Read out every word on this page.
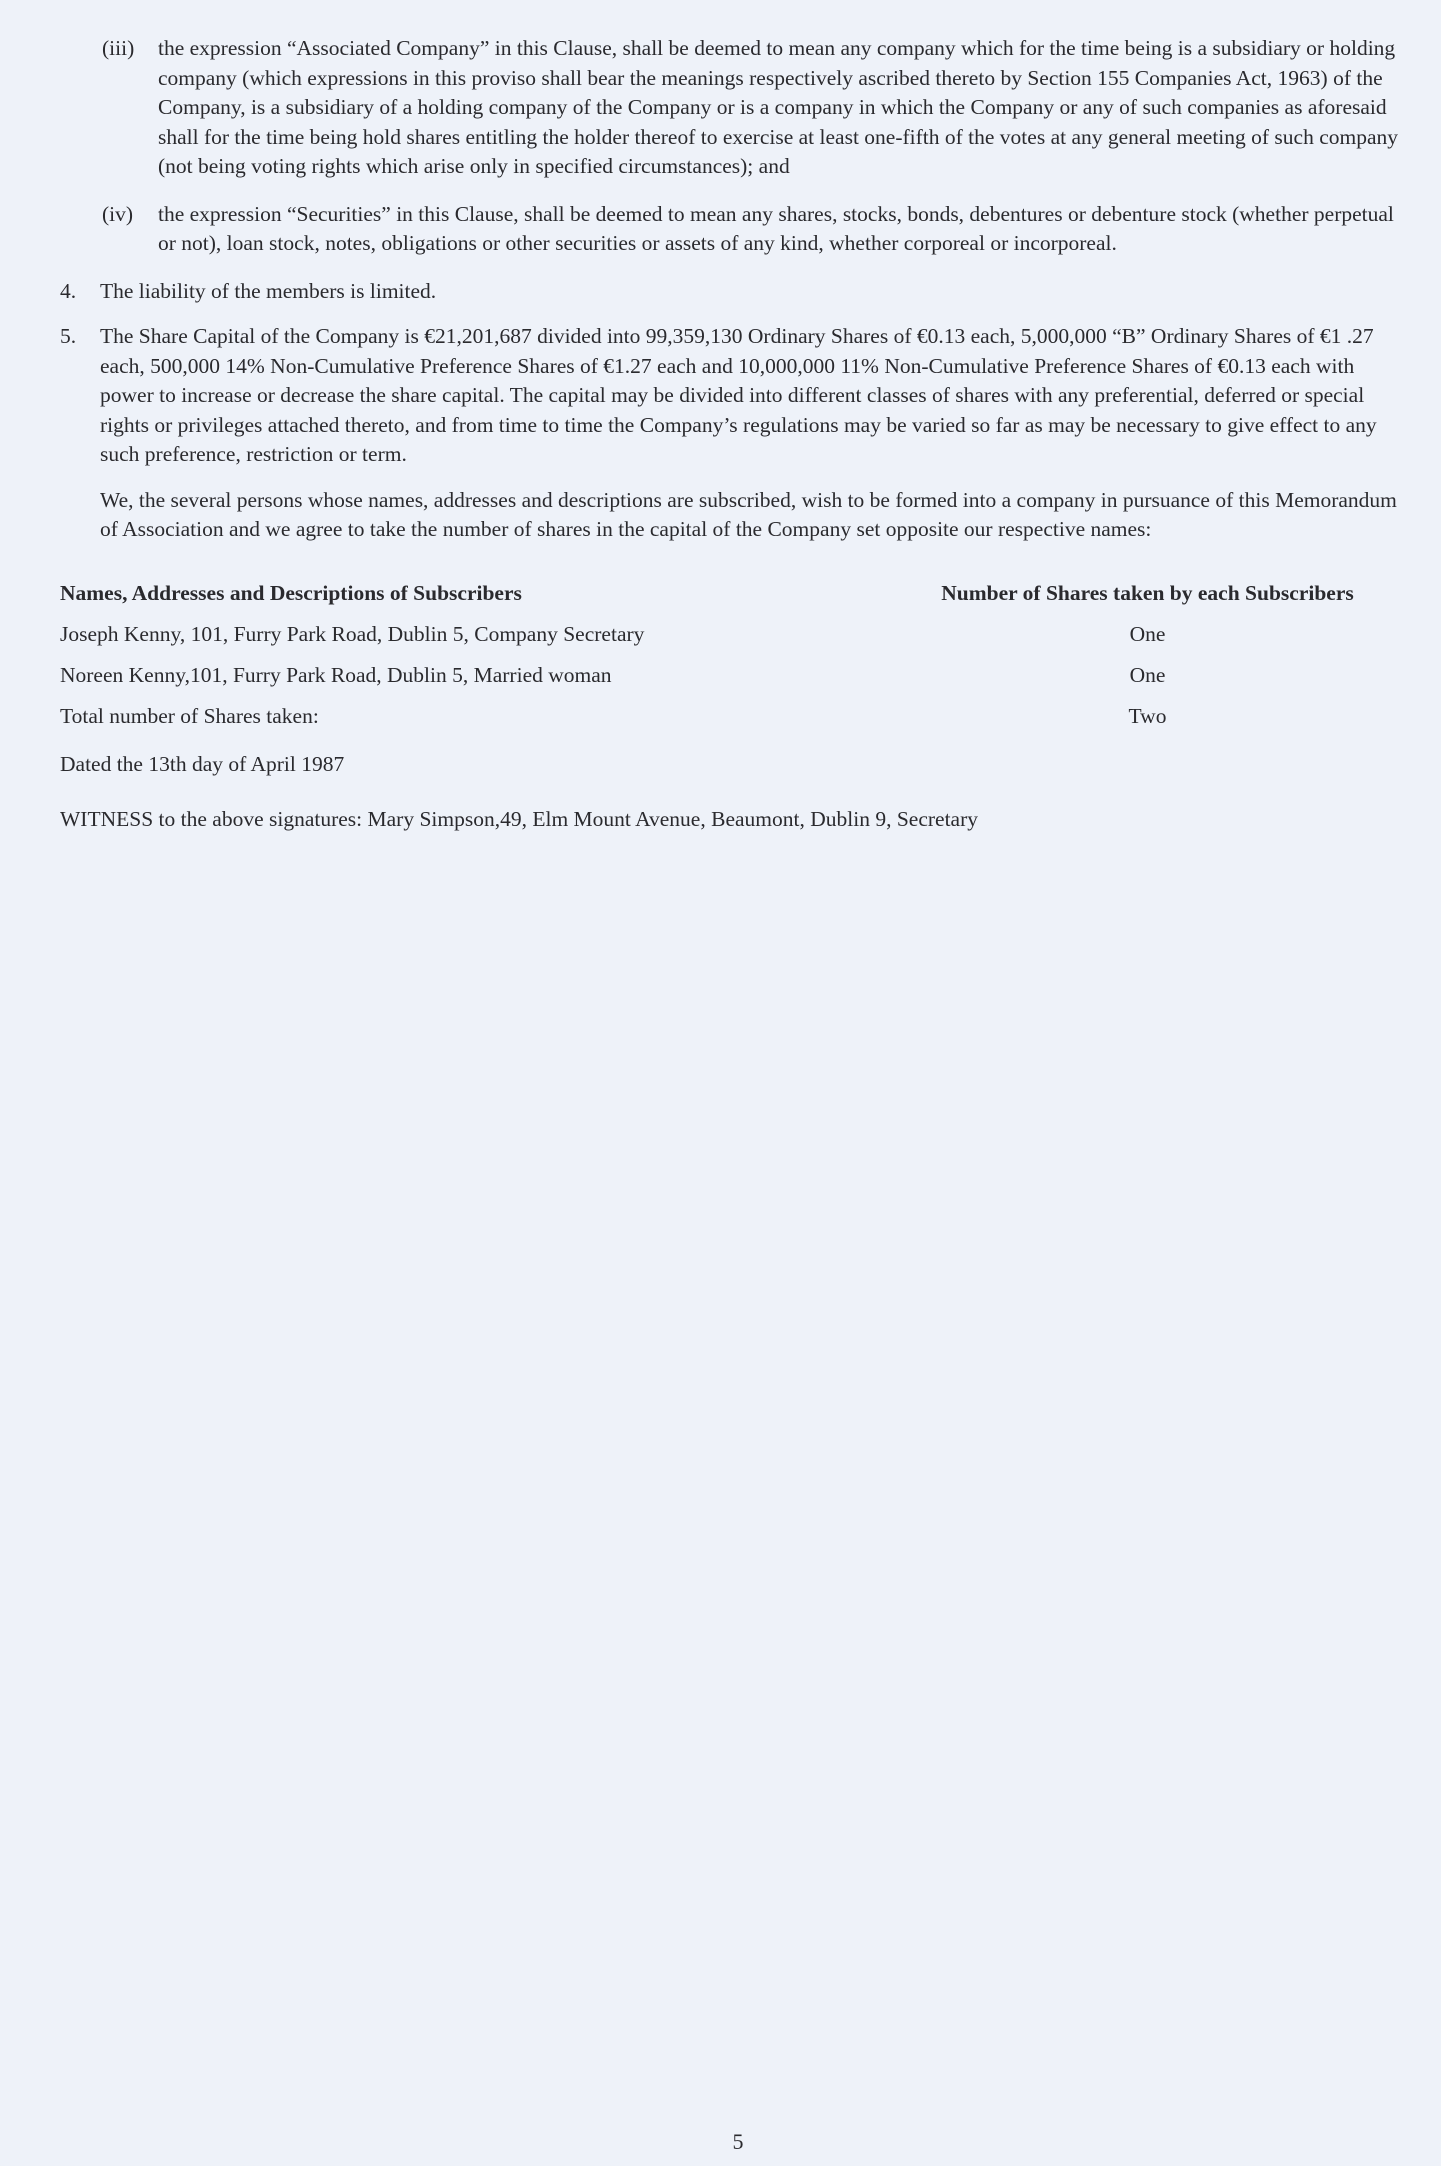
(iii)	the expression “Associated Company” in this Clause, shall be deemed to mean any company which for the time being is a subsidiary or holding company (which expressions in this proviso shall bear the meanings respectively ascribed thereto by Section 155 Companies Act, 1963) of the Company, is a subsidiary of a holding company of the Company or is a company in which the Company or any of such companies as aforesaid shall for the time being hold shares entitling the holder thereof to exercise at least one-fifth of the votes at any general meeting of such company (not being voting rights which arise only in specified circumstances); and
(iv)	the expression “Securities” in this Clause, shall be deemed to mean any shares, stocks, bonds, debentures or debenture stock (whether perpetual or not), loan stock, notes, obligations or other securities or assets of any kind, whether corporeal or incorporeal.
4.	The liability of the members is limited.
5.	The Share Capital of the Company is €21,201,687 divided into 99,359,130 Ordinary Shares of €0.13 each, 5,000,000 “B” Ordinary Shares of €1 .27 each, 500,000 14% Non-Cumulative Preference Shares of €1.27 each and 10,000,000 11% Non-Cumulative Preference Shares of €0.13 each with power to increase or decrease the share capital. The capital may be divided into different classes of shares with any preferential, deferred or special rights or privileges attached thereto, and from time to time the Company’s regulations may be varied so far as may be necessary to give effect to any such preference, restriction or term.
We, the several persons whose names, addresses and descriptions are subscribed, wish to be formed into a company in pursuance of this Memorandum of Association and we agree to take the number of shares in the capital of the Company set opposite our respective names:
Names, Addresses and Descriptions of Subscribers	Number of Shares taken by each Subscribers
Joseph Kenny, 101, Furry Park Road, Dublin 5, Company Secretary	One
Noreen Kenny,101, Furry Park Road, Dublin 5, Married woman	One
Total number of Shares taken:	Two
Dated the 13th day of April 1987
WITNESS to the above signatures: Mary Simpson,49, Elm Mount Avenue, Beaumont, Dublin 9, Secretary
5
